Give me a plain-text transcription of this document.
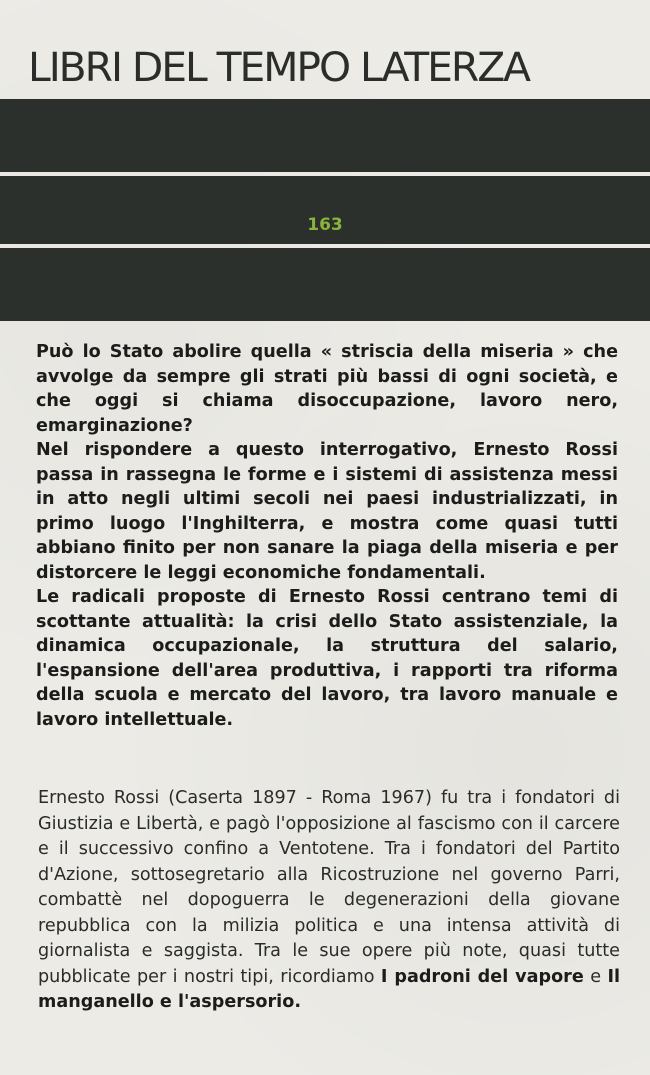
LIBRI DEL TEMPO LATERZA
163

Può lo Stato abolire quella « striscia della miseria » che avvolge da sempre gli strati più bassi di ogni società, e che oggi si chiama disoccupazione, lavoro nero, emarginazione?

Nel rispondere a questo interrogativo, Ernesto Rossi passa in rassegna le forme e i sistemi di assistenza messi in atto negli ultimi secoli nei paesi industrializzati, in primo luogo l'Inghilterra, e mostra come quasi tutti abbiano finito per non sanare la piaga della miseria e per distorcere le leggi economiche fondamentali.

Le radicali proposte di Ernesto Rossi centrano temi di scottante attualità: la crisi dello Stato assistenziale, la dinamica occupazionale, la struttura del salario, l'espansione dell'area produttiva, i rapporti tra riforma della scuola e mercato del lavoro, tra lavoro manuale e lavoro intellettuale.

Ernesto Rossi (Caserta 1897 - Roma 1967) fu tra i fondatori di Giustizia e Libertà, e pagò l'opposizione al fascismo con il carcere e il successivo confino a Ventotene. Tra i fondatori del Partito d'Azione, sottosegretario alla Ricostruzione nel governo Parri, combattè nel dopoguerra le degenerazioni della giovane repubblica con la milizia politica e una intensa attività di giornalista e saggista. Tra le sue opere più note, quasi tutte pubblicate per i nostri tipi, ricordiamo I padroni del vapore e Il manganello e l'aspersorio.
